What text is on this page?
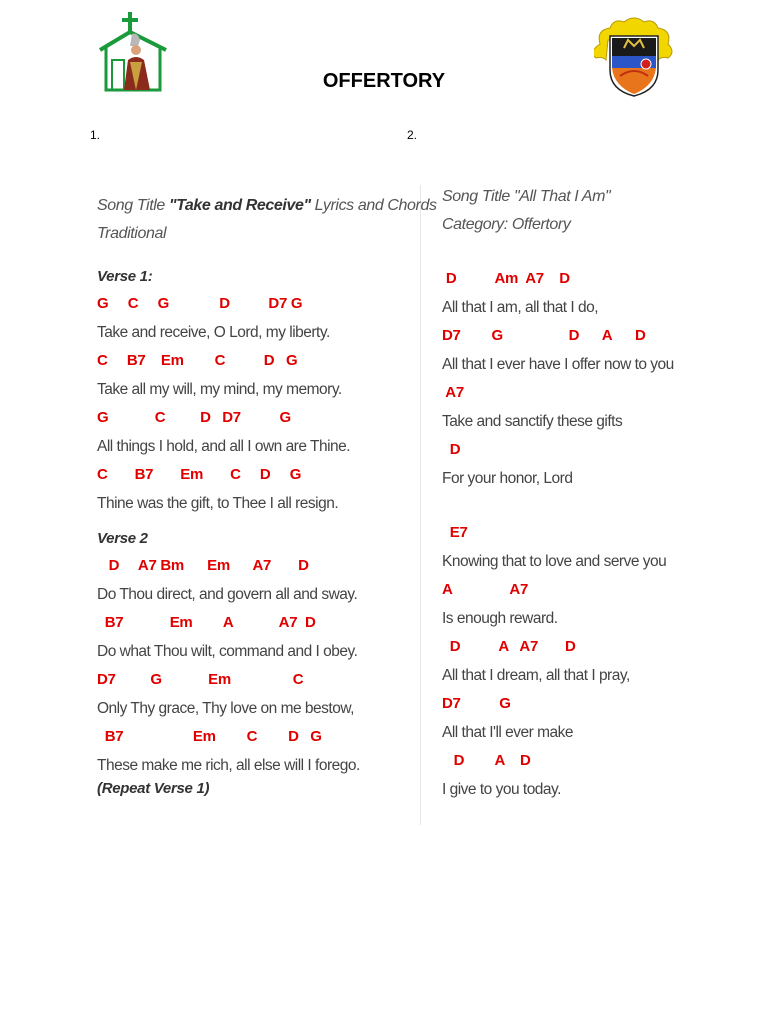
OFFERTORY
1.	2.
Song Title "Take and Receive" Lyrics and Chords
Traditional
Verse 1:
G     C     G             D          D7 G
Take and receive, O Lord, my liberty.
C     B7    Em        C          D   G
Take all my will, my mind, my memory.
G            C         D   D7          G
All things I hold, and all I own are Thine.
C       B7       Em       C     D     G
Thine was the gift, to Thee I all resign.
Verse 2
D     A7 Bm      Em      A7       D
Do Thou direct, and govern all and sway.
B7            Em        A            A7  D
Do what Thou wilt, command and I obey.
D7         G            Em                C
Only Thy grace, Thy love on me bestow,
B7                  Em        C        D   G
These make me rich, all else will I forego.
(Repeat Verse 1)
Song Title "All That I Am"
Category: Offertory
D          Am  A7    D
All that I am, all that I do,
D7        G                 D      A      D
All that I ever have I offer now to you
A7
Take and sanctify these gifts
D
For your honor, Lord
E7
Knowing that to love and serve you
A               A7
Is enough reward.
D          A   A7       D
All that I dream, all that I pray,
D7          G
All that I'll ever make
D        A    D
I give to you today.
